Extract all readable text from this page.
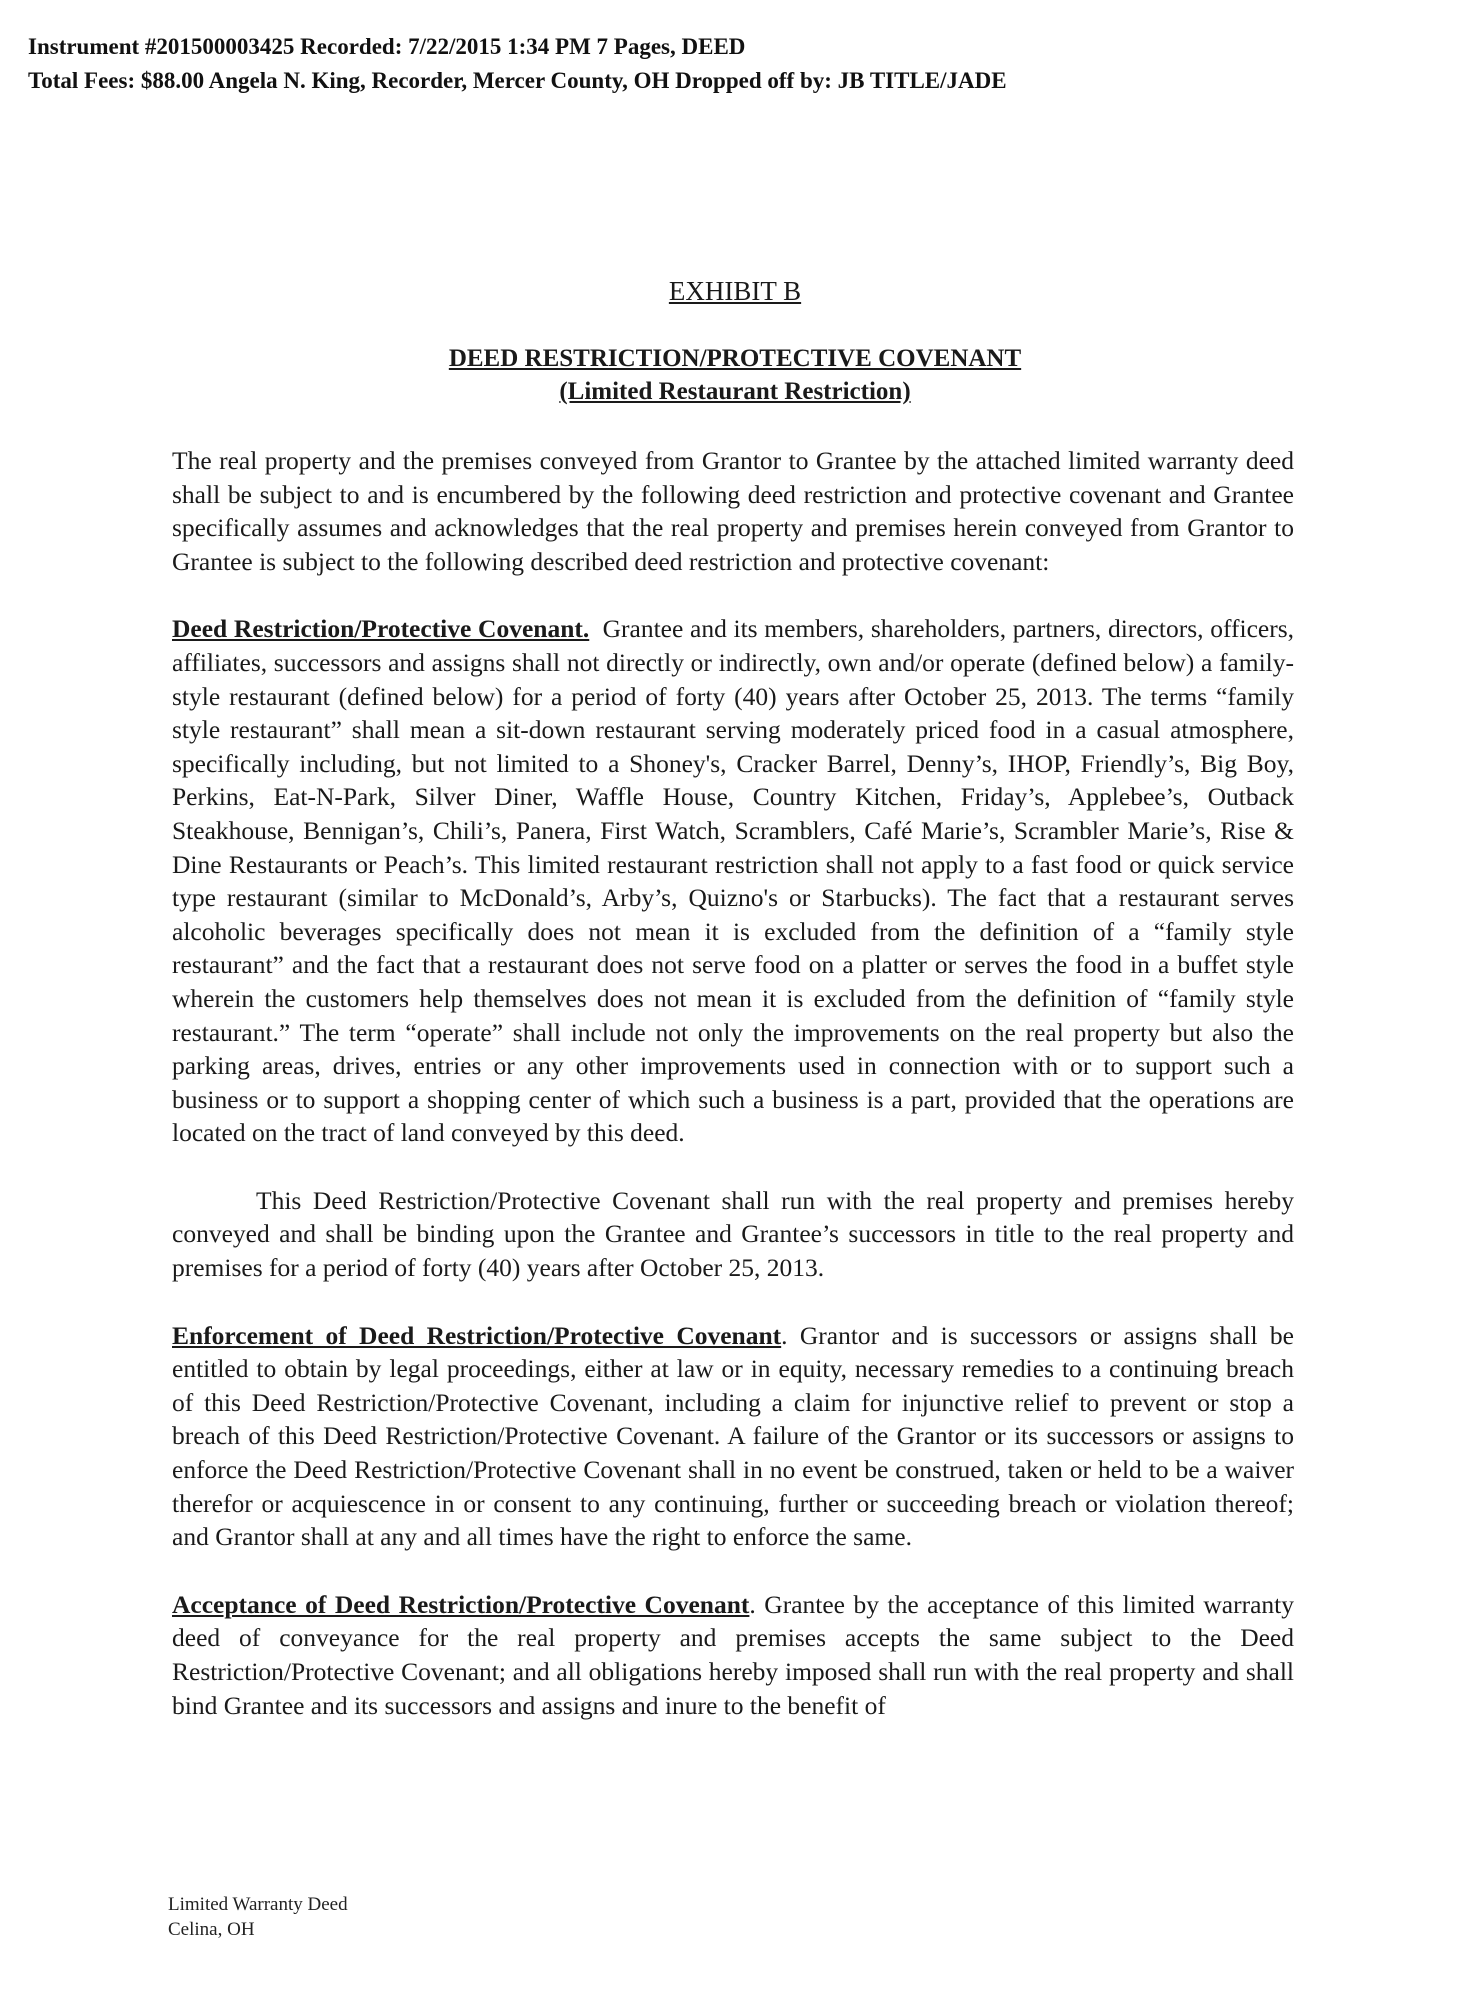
Instrument #201500003425 Recorded: 7/22/2015 1:34 PM 7 Pages, DEED
Total Fees: $88.00 Angela N. King, Recorder, Mercer County, OH Dropped off by: JB TITLE/JADE
EXHIBIT B
DEED RESTRICTION/PROTECTIVE COVENANT
(Limited Restaurant Restriction)

The real property and the premises conveyed from Grantor to Grantee by the attached limited warranty deed shall be subject to and is encumbered by the following deed restriction and protective covenant and Grantee specifically assumes and acknowledges that the real property and premises herein conveyed from Grantor to Grantee is subject to the following described deed restriction and protective covenant:

Deed Restriction/Protective Covenant. Grantee and its members, shareholders, partners, directors, officers, affiliates, successors and assigns shall not directly or indirectly, own and/or operate (defined below) a family-style restaurant (defined below) for a period of forty (40) years after October 25, 2013. The terms “family style restaurant” shall mean a sit-down restaurant serving moderately priced food in a casual atmosphere, specifically including, but not limited to a Shoney's, Cracker Barrel, Denny’s, IHOP, Friendly’s, Big Boy, Perkins, Eat-N-Park, Silver Diner, Waffle House, Country Kitchen, Friday’s, Applebee’s, Outback Steakhouse, Bennigan’s, Chili’s, Panera, First Watch, Scramblers, Café Marie’s, Scrambler Marie’s, Rise & Dine Restaurants or Peach’s. This limited restaurant restriction shall not apply to a fast food or quick service type restaurant (similar to McDonald’s, Arby’s, Quizno's or Starbucks). The fact that a restaurant serves alcoholic beverages specifically does not mean it is excluded from the definition of a “family style restaurant” and the fact that a restaurant does not serve food on a platter or serves the food in a buffet style wherein the customers help themselves does not mean it is excluded from the definition of “family style restaurant.” The term “operate” shall include not only the improvements on the real property but also the parking areas, drives, entries or any other improvements used in connection with or to support such a business or to support a shopping center of which such a business is a part, provided that the operations are located on the tract of land conveyed by this deed.

This Deed Restriction/Protective Covenant shall run with the real property and premises hereby conveyed and shall be binding upon the Grantee and Grantee’s successors in title to the real property and premises for a period of forty (40) years after October 25, 2013.

Enforcement of Deed Restriction/Protective Covenant. Grantor and is successors or assigns shall be entitled to obtain by legal proceedings, either at law or in equity, necessary remedies to a continuing breach of this Deed Restriction/Protective Covenant, including a claim for injunctive relief to prevent or stop a breach of this Deed Restriction/Protective Covenant. A failure of the Grantor or its successors or assigns to enforce the Deed Restriction/Protective Covenant shall in no event be construed, taken or held to be a waiver therefor or acquiescence in or consent to any continuing, further or succeeding breach or violation thereof; and Grantor shall at any and all times have the right to enforce the same.

Acceptance of Deed Restriction/Protective Covenant. Grantee by the acceptance of this limited warranty deed of conveyance for the real property and premises accepts the same subject to the Deed Restriction/Protective Covenant; and all obligations hereby imposed shall run with the real property and shall bind Grantee and its successors and assigns and inure to the benefit of

Limited Warranty Deed
Celina, OH
